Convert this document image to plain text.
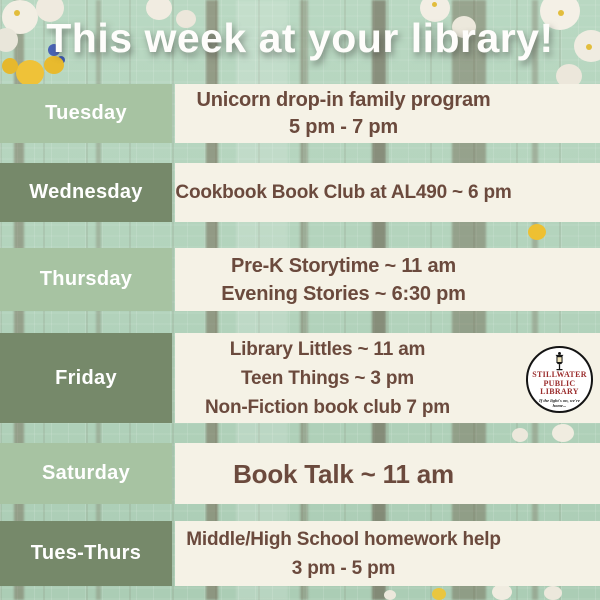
This week at your library!
Tuesday
Unicorn drop-in family program
5 pm - 7 pm
Wednesday	Cookbook Book Club at AL490 ~ 6 pm
Thursday
Pre-K Storytime ~ 11 am
Evening Stories ~ 6:30 pm
Friday
Library Littles ~ 11 am
Teen Things ~ 3 pm
Non-Fiction book club 7 pm
STILLWATER
PUBLIC
LIBRARY
If the light's on, we're home...
Saturday	Book Talk ~ 11 am
Tues-Thurs
Middle/High School homework help
3 pm - 5 pm
